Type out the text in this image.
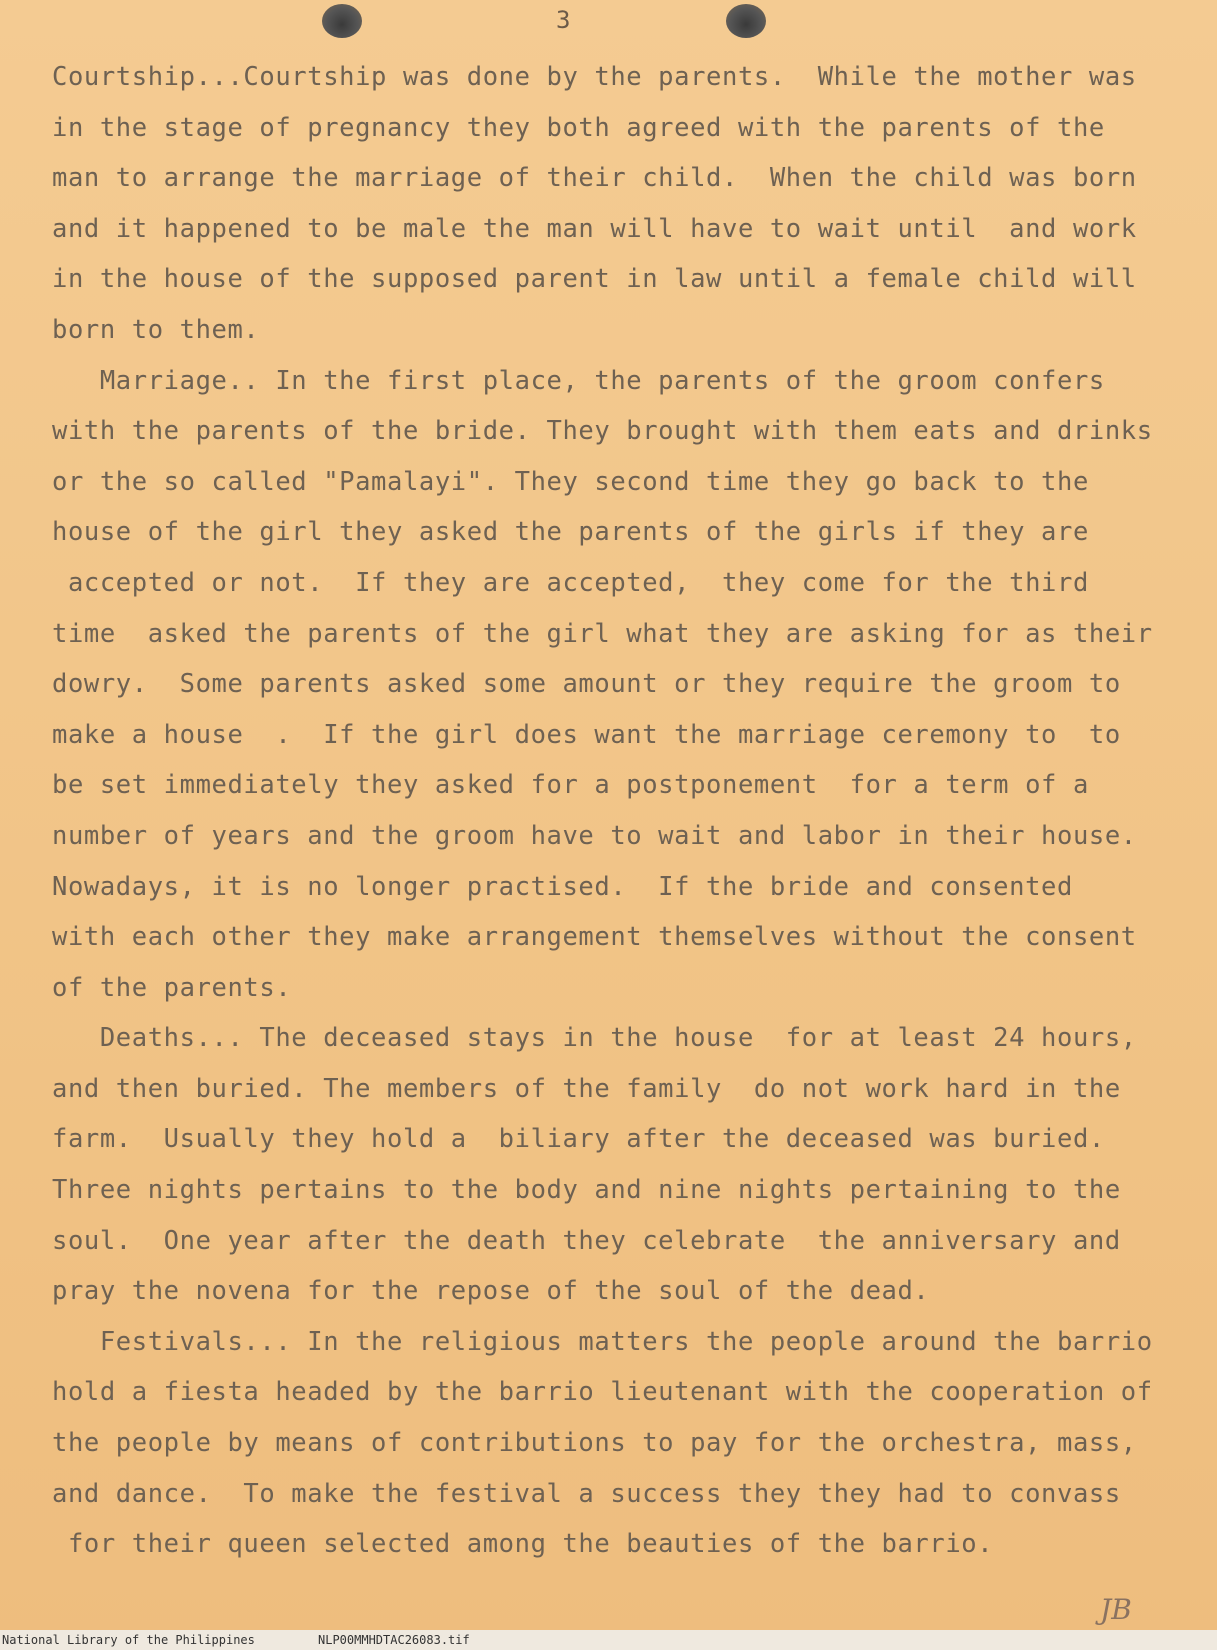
3
Courtship...Courtship was done by the parents.  While the mother was
in the stage of pregnancy they both agreed with the parents of the
man to arrange the marriage of their child.  When the child was born
and it happened to be male the man will have to wait until  and work
in the house of the supposed parent in law until a female child will
born to them.
Marriage.. In the first place, the parents of the groom confers
with the parents of the bride. They brought with them eats and drinks
or the so called "Pamalayi". They second time they go back to the
house of the girl they asked the parents of the girls if they are
accepted or not.  If they are accepted,  they come for the third
time  asked the parents of the girl what they are asking for as their
dowry.  Some parents asked some amount or they require the groom to
make a house  .  If the girl does want the marriage ceremony to  to
be set immediately they asked for a postponement  for a term of a
number of years and the groom have to wait and labor in their house.
Nowadays, it is no longer practised.  If the bride and consented
with each other they make arrangement themselves without the consent
of the parents.
Deaths... The deceased stays in the house  for at least 24 hours,
and then buried. The members of the family  do not work hard in the
farm.  Usually they hold a  biliary after the deceased was buried.
Three nights pertains to the body and nine nights pertaining to the
soul.  One year after the death they celebrate  the anniversary and
pray the novena for the repose of the soul of the dead.
Festivals... In the religious matters the people around the barrio
hold a fiesta headed by the barrio lieutenant with the cooperation of
the people by means of contributions to pay for the orchestra, mass,
and dance.  To make the festival a success they they had to convass
for their queen selected among the beauties of the barrio.
JB
National Library of the Philippines	NLP00MMHDTAC26083.tif
